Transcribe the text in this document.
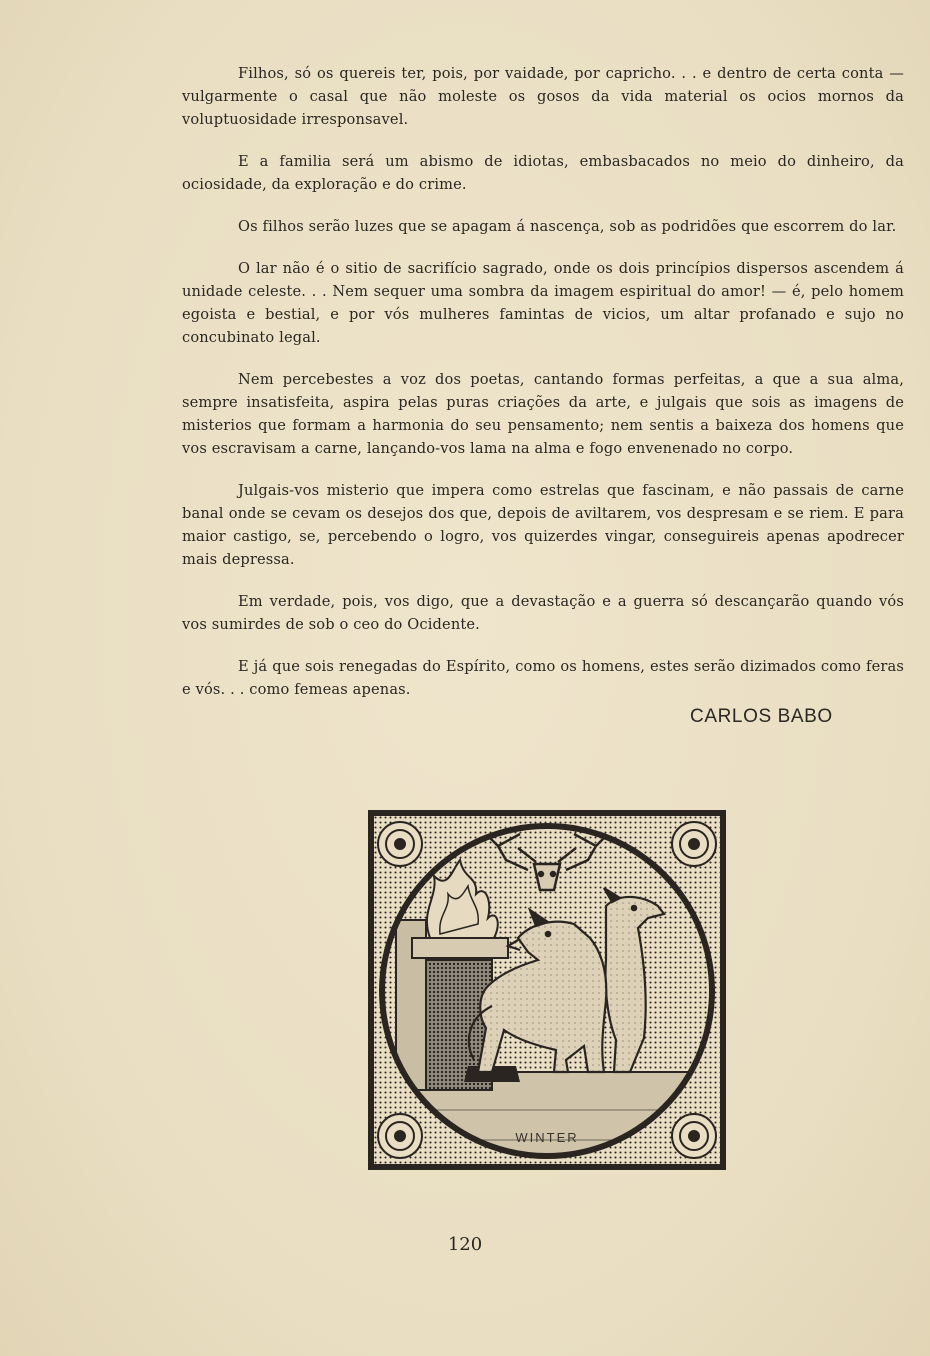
Filhos, só os quereis ter, pois, por vaidade, por capricho. . . e dentro de certa conta — vulgarmente o casal que não moleste os gosos da vida material os ocios mornos da voluptuosidade irresponsavel.

E a familia será um abismo de idiotas, embasbacados no meio do dinheiro, da ociosidade, da exploração e do crime.

Os filhos serão luzes que se apagam á nascença, sob as podridões que escorrem do lar.

O lar não é o sitio de sacrifício sagrado, onde os dois princípios dispersos ascendem á unidade celeste. . . Nem sequer uma sombra da imagem espiritual do amor! — é, pelo homem egoista e bestial, e por vós mulheres famintas de vicios, um altar profanado e sujo no concubinato legal.

Nem percebestes a voz dos poetas, cantando formas perfeitas, a que a sua alma, sempre insatisfeita, aspira pelas puras criações da arte, e julgais que sois as imagens de misterios que formam a harmonia do seu pensamento; nem sentis a baixeza dos homens que vos escravisam a carne, lançando-vos lama na alma e fogo envenenado no corpo.

Julgais-vos misterio que impera como estrelas que fascinam, e não passais de carne banal onde se cevam os desejos dos que, depois de aviltarem, vos despresam e se riem. E para maior castigo, se, percebendo o logro, vos quizerdes vingar, conseguireis apenas apodrecer mais depressa.

Em verdade, pois, vos digo, que a devastação e a guerra só descançarão quando vós vos sumirdes de sob o ceo do Ocidente.

E já que sois renegadas do Espírito, como os homens, estes serão dizimados como feras e vós. . . como femeas apenas.

CARLOS BABO
WINTER
120
